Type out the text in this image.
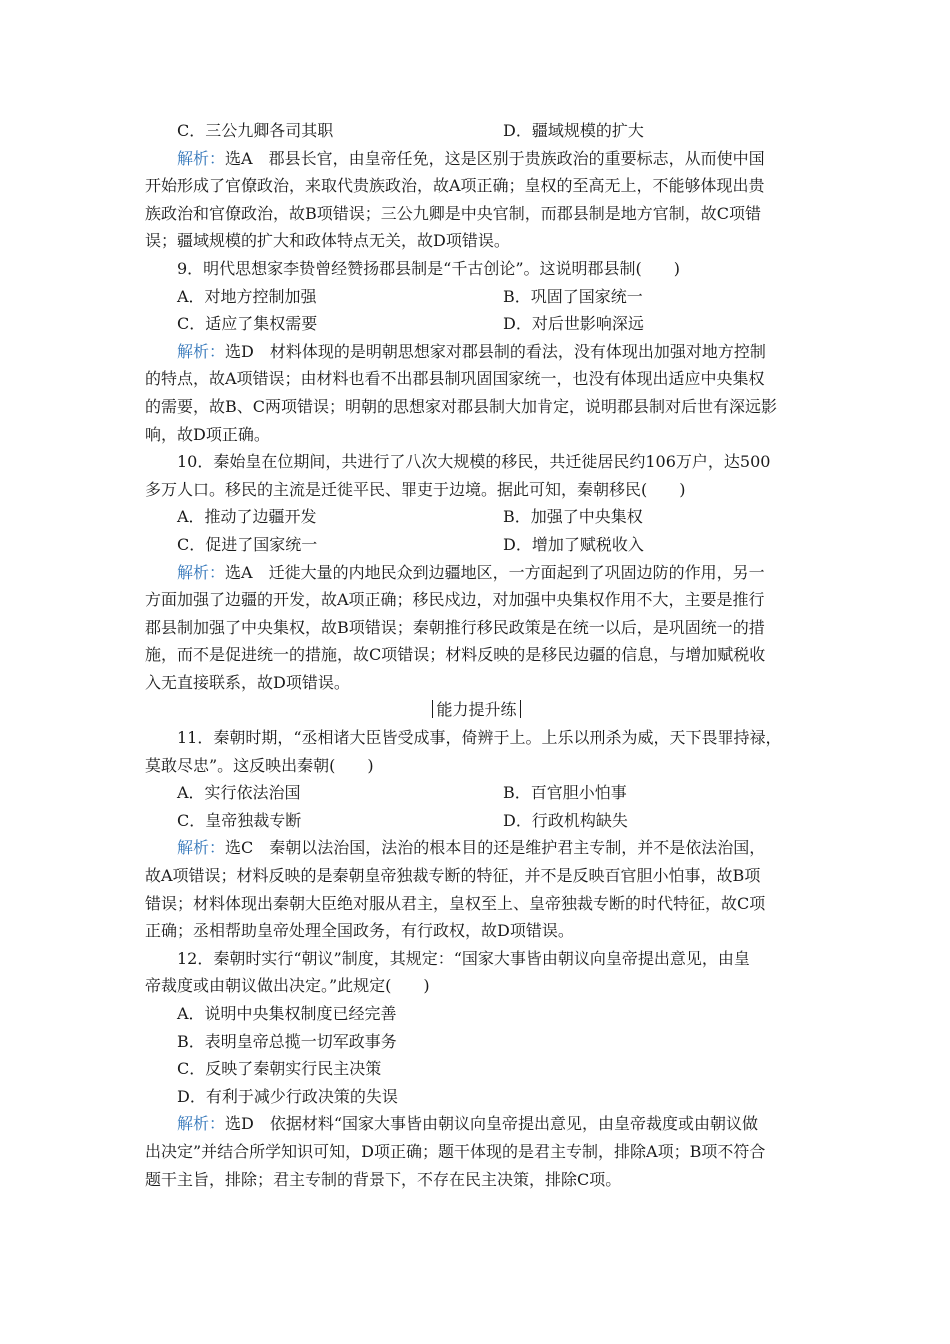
C．三公九卿各司其职	D．疆域规模的扩大
解析：选A　郡县长官，由皇帝任免，这是区别于贵族政治的重要标志，从而使中国
开始形成了官僚政治，来取代贵族政治，故A项正确；皇权的至高无上，不能够体现出贵
族政治和官僚政治，故B项错误；三公九卿是中央官制，而郡县制是地方官制，故C项错
误；疆域规模的扩大和政体特点无关，故D项错误。
9．明代思想家李贽曾经赞扬郡县制是“千古创论”。这说明郡县制(　　)
A．对地方控制加强	B．巩固了国家统一
C．适应了集权需要	D．对后世影响深远
解析：选D　材料体现的是明朝思想家对郡县制的看法，没有体现出加强对地方控制
的特点，故A项错误；由材料也看不出郡县制巩固国家统一，也没有体现出适应中央集权
的需要，故B、C两项错误；明朝的思想家对郡县制大加肯定，说明郡县制对后世有深远影
响，故D项正确。
10．秦始皇在位期间，共进行了八次大规模的移民，共迁徙居民约106万户，达500
多万人口。移民的主流是迁徙平民、罪吏于边境。据此可知，秦朝移民(　　)
A．推动了边疆开发	B．加强了中央集权
C．促进了国家统一	D．增加了赋税收入
解析：选A　迁徙大量的内地民众到边疆地区，一方面起到了巩固边防的作用，另一
方面加强了边疆的开发，故A项正确；移民戍边，对加强中央集权作用不大，主要是推行
郡县制加强了中央集权，故B项错误；秦朝推行移民政策是在统一以后，是巩固统一的措
施，而不是促进统一的措施，故C项错误；材料反映的是移民边疆的信息，与增加赋税收
入无直接联系，故D项错误。
能力提升练
11．秦朝时期，“丞相诸大臣皆受成事，倚辨于上。上乐以刑杀为威，天下畏罪持禄，
莫敢尽忠”。这反映出秦朝(　　)
A．实行依法治国	B．百官胆小怕事
C．皇帝独裁专断	D．行政机构缺失
解析：选C　秦朝以法治国，法治的根本目的还是维护君主专制，并不是依法治国，
故A项错误；材料反映的是秦朝皇帝独裁专断的特征，并不是反映百官胆小怕事，故B项
错误；材料体现出秦朝大臣绝对服从君主，皇权至上、皇帝独裁专断的时代特征，故C项
正确；丞相帮助皇帝处理全国政务，有行政权，故D项错误。
12．秦朝时实行“朝议”制度，其规定：“国家大事皆由朝议向皇帝提出意见，由皇
帝裁度或由朝议做出决定。”此规定(　　)
A．说明中央集权制度已经完善
B．表明皇帝总揽一切军政事务
C．反映了秦朝实行民主决策
D．有利于减少行政决策的失误
解析：选D　依据材料“国家大事皆由朝议向皇帝提出意见，由皇帝裁度或由朝议做
出决定”并结合所学知识可知，D项正确；题干体现的是君主专制，排除A项；B项不符合
题干主旨，排除；君主专制的背景下，不存在民主决策，排除C项。
